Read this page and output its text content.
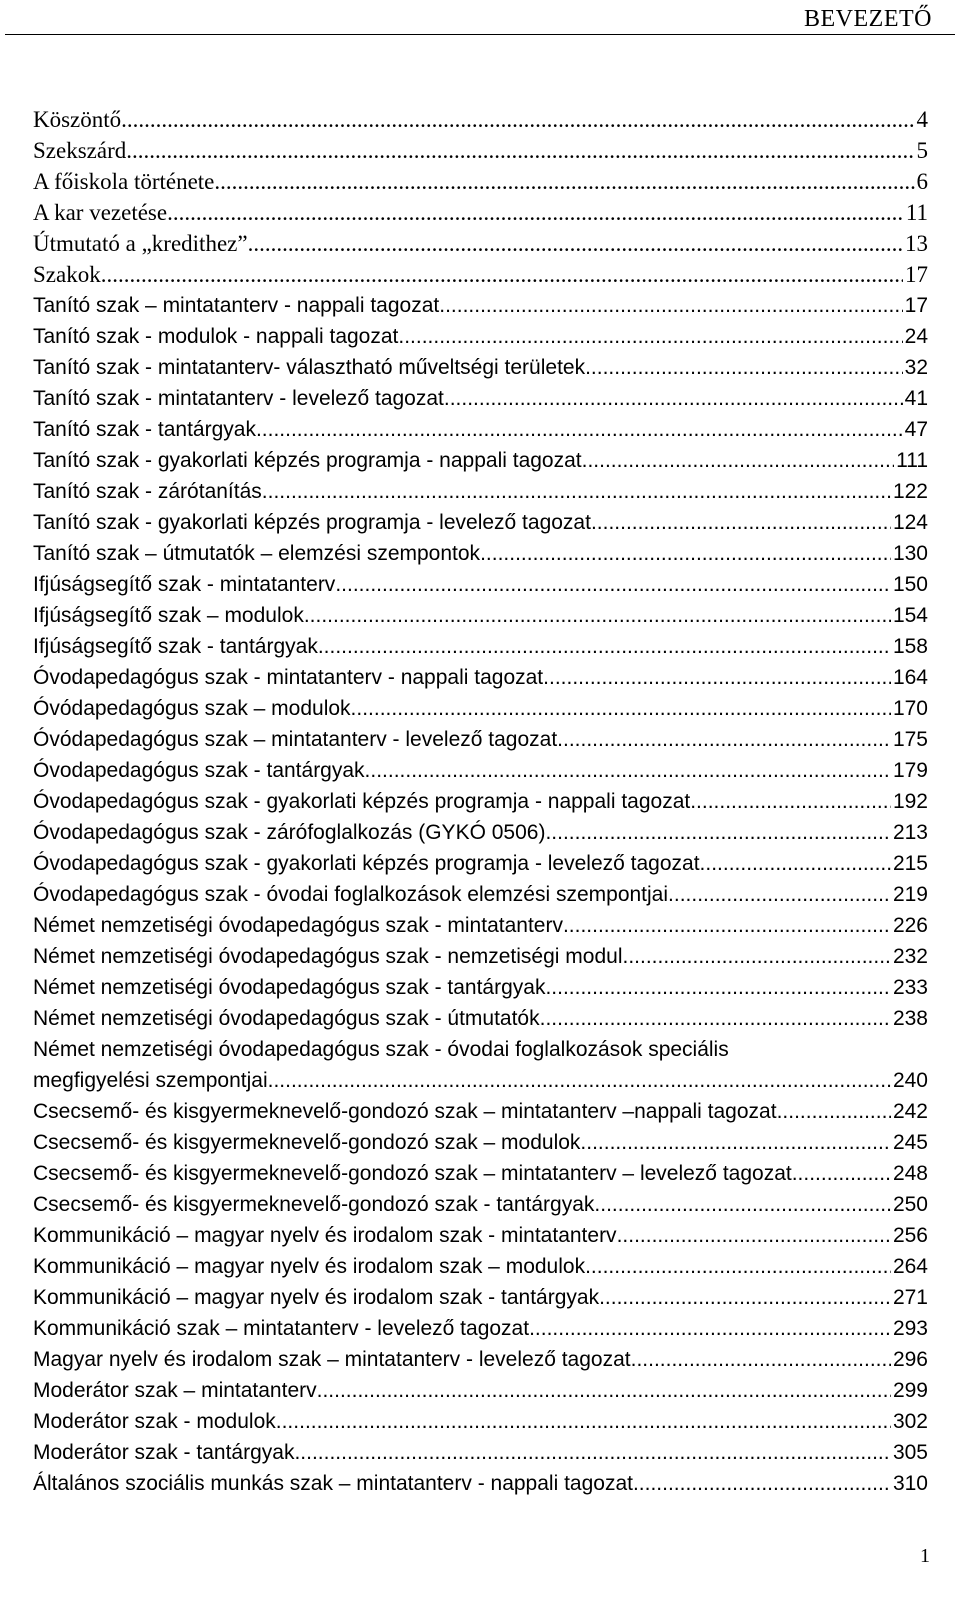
BEVEZETŐ
Köszöntő .....	4
Szekszárd .....	5
A főiskola története .....	6
A kar vezetése .....	11
Útmutató a „kredithez” .....	13
Szakok .....	17
Tanító szak – mintatanterv - nappali tagozat .....	17
Tanító szak - modulok - nappali tagozat .....	24
Tanító szak - mintatanterv- választható műveltségi területek .....	32
Tanító szak - mintatanterv - levelező tagozat .....	41
Tanító szak - tantárgyak .....	47
Tanító szak - gyakorlati képzés programja - nappali tagozat .....	111
Tanító szak - zárótanítás .....	122
Tanító szak - gyakorlati képzés programja - levelező tagozat .....	124
Tanító szak – útmutatók – elemzési szempontok .....	130
Ifjúságsegítő szak - mintatanterv .....	150
Ifjúságsegítő szak – modulok .....	154
Ifjúságsegítő szak - tantárgyak .....	158
Óvodapedagógus szak - mintatanterv - nappali tagozat .....	164
Óvódapedagógus szak – modulok .....	170
Óvódapedagógus szak – mintatanterv - levelező tagozat .....	175
Óvodapedagógus szak - tantárgyak .....	179
Óvodapedagógus szak - gyakorlati képzés programja - nappali tagozat .....	192
Óvodapedagógus szak - zárófoglalkozás (GYKÓ 0506) .....	213
Óvodapedagógus szak - gyakorlati képzés programja - levelező tagozat .....	215
Óvodapedagógus szak - óvodai foglalkozások elemzési szempontjai .....	219
Német nemzetiségi óvodapedagógus szak - mintatanterv .....	226
Német nemzetiségi óvodapedagógus szak - nemzetiségi modul .....	232
Német nemzetiségi óvodapedagógus szak - tantárgyak .....	233
Német nemzetiségi óvodapedagógus szak - útmutatók .....	238
Német nemzetiségi óvodapedagógus szak - óvodai foglalkozások speciális
megfigyelési szempontjai .....	240
Csecsemő- és kisgyermeknevelő-gondozó szak – mintatanterv –nappali tagozat .....	242
Csecsemő- és kisgyermeknevelő-gondozó szak – modulok .....	245
Csecsemő- és kisgyermeknevelő-gondozó szak – mintatanterv – levelező tagozat .....	248
Csecsemő- és kisgyermeknevelő-gondozó szak - tantárgyak .....	250
Kommunikáció – magyar nyelv és irodalom szak - mintatanterv .....	256
Kommunikáció – magyar nyelv és irodalom szak – modulok .....	264
Kommunikáció – magyar nyelv és irodalom szak - tantárgyak .....	271
Kommunikáció szak – mintatanterv - levelező tagozat .....	293
Magyar nyelv és irodalom szak – mintatanterv - levelező tagozat .....	296
Moderátor szak – mintatanterv .....	299
Moderátor szak - modulok .....	302
Moderátor szak - tantárgyak .....	305
Általános szociális munkás szak – mintatanterv - nappali tagozat .....	310
1
